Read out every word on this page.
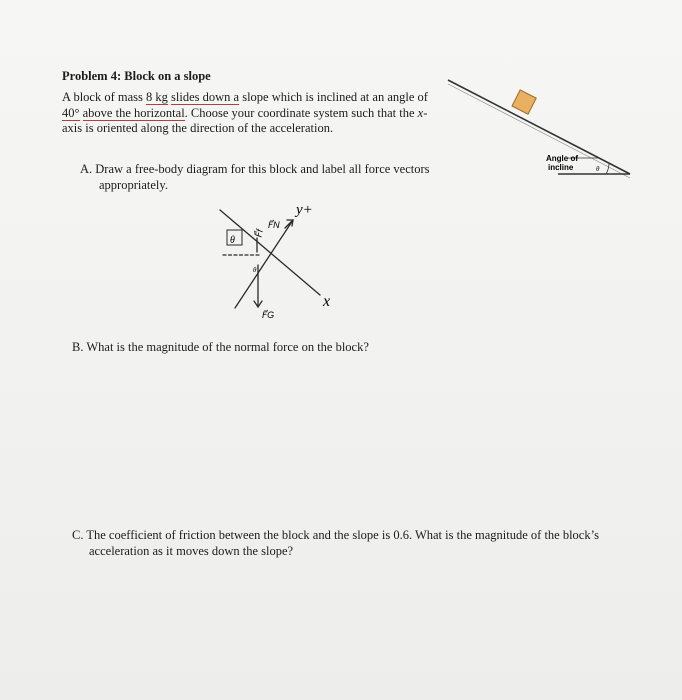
Problem 4: Block on a slope
A block of mass 8 kg slides down a slope which is inclined at an angle of 40° above the horizontal. Choose your coordinate system such that the x-axis is oriented along the direction of the acceleration.
Angle of
incline	θ
A. Draw a free-body diagram for this block and label all force vectors appropriately.
F⃗N
F⃗f
F⃗G
y+
x
θ
θ
B. What is the magnitude of the normal force on the block?
C. The coefficient of friction between the block and the slope is 0.6. What is the magnitude of the block’s acceleration as it moves down the slope?
